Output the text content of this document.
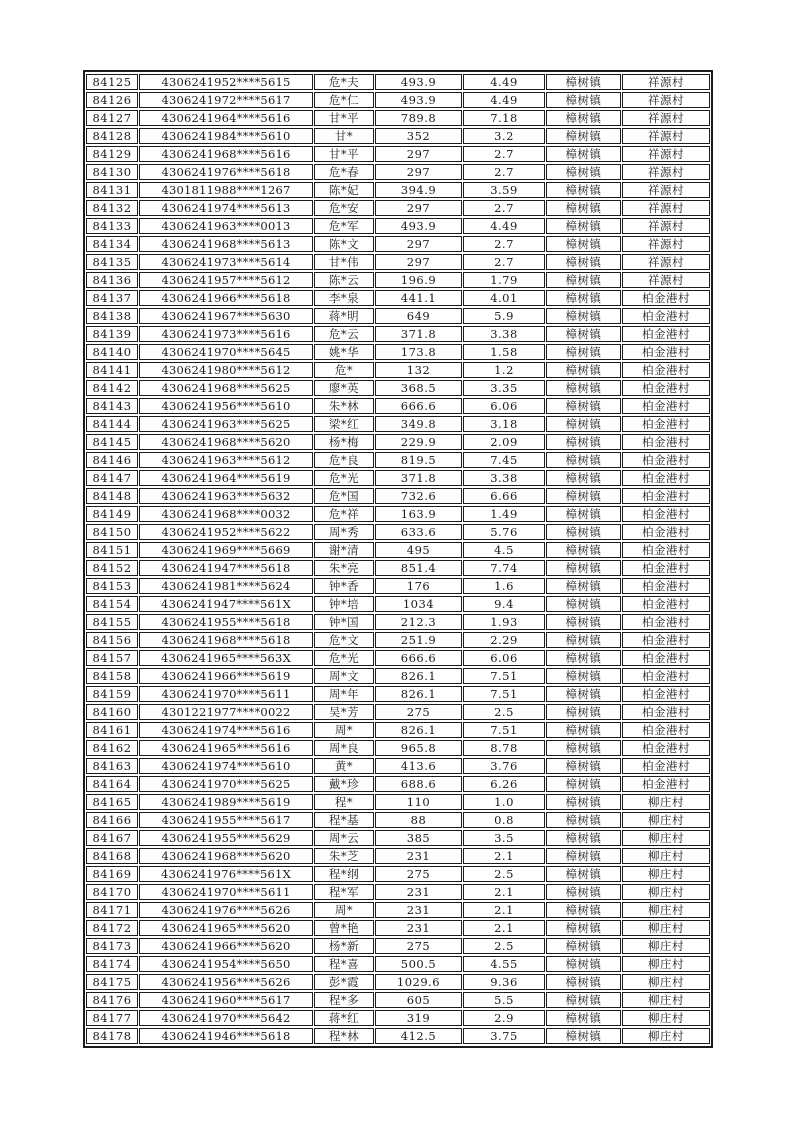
84125	4306241952****5615	危*夫	493.9	4.49	樟树镇	祥源村
84126	4306241972****5617	危*仁	493.9	4.49	樟树镇	祥源村
84127	4306241964****5616	甘*平	789.8	7.18	樟树镇	祥源村
84128	4306241984****5610	甘*	352	3.2	樟树镇	祥源村
84129	4306241968****5616	甘*平	297	2.7	樟树镇	祥源村
84130	4306241976****5618	危*春	297	2.7	樟树镇	祥源村
84131	4301811988****1267	陈*妃	394.9	3.59	樟树镇	祥源村
84132	4306241974****5613	危*安	297	2.7	樟树镇	祥源村
84133	4306241963****0013	危*军	493.9	4.49	樟树镇	祥源村
84134	4306241968****5613	陈*文	297	2.7	樟树镇	祥源村
84135	4306241973****5614	甘*伟	297	2.7	樟树镇	祥源村
84136	4306241957****5612	陈*云	196.9	1.79	樟树镇	祥源村
84137	4306241966****5618	李*泉	441.1	4.01	樟树镇	柏金港村
84138	4306241967****5630	蒋*明	649	5.9	樟树镇	柏金港村
84139	4306241973****5616	危*云	371.8	3.38	樟树镇	柏金港村
84140	4306241970****5645	姚*华	173.8	1.58	樟树镇	柏金港村
84141	4306241980****5612	危*	132	1.2	樟树镇	柏金港村
84142	4306241968****5625	廖*英	368.5	3.35	樟树镇	柏金港村
84143	4306241956****5610	朱*林	666.6	6.06	樟树镇	柏金港村
84144	4306241963****5625	梁*红	349.8	3.18	樟树镇	柏金港村
84145	4306241968****5620	杨*梅	229.9	2.09	樟树镇	柏金港村
84146	4306241963****5612	危*良	819.5	7.45	樟树镇	柏金港村
84147	4306241964****5619	危*光	371.8	3.38	樟树镇	柏金港村
84148	4306241963****5632	危*国	732.6	6.66	樟树镇	柏金港村
84149	4306241968****0032	危*祥	163.9	1.49	樟树镇	柏金港村
84150	4306241952****5622	周*秀	633.6	5.76	樟树镇	柏金港村
84151	4306241969****5669	谢*清	495	4.5	樟树镇	柏金港村
84152	4306241947****5618	朱*亮	851.4	7.74	樟树镇	柏金港村
84153	4306241981****5624	钟*香	176	1.6	樟树镇	柏金港村
84154	4306241947****561X	钟*培	1034	9.4	樟树镇	柏金港村
84155	4306241955****5618	钟*国	212.3	1.93	樟树镇	柏金港村
84156	4306241968****5618	危*文	251.9	2.29	樟树镇	柏金港村
84157	4306241965****563X	危*光	666.6	6.06	樟树镇	柏金港村
84158	4306241966****5619	周*文	826.1	7.51	樟树镇	柏金港村
84159	4306241970****5611	周*年	826.1	7.51	樟树镇	柏金港村
84160	4301221977****0022	吴*芳	275	2.5	樟树镇	柏金港村
84161	4306241974****5616	周*	826.1	7.51	樟树镇	柏金港村
84162	4306241965****5616	周*良	965.8	8.78	樟树镇	柏金港村
84163	4306241974****5610	黄*	413.6	3.76	樟树镇	柏金港村
84164	4306241970****5625	戴*珍	688.6	6.26	樟树镇	柏金港村
84165	4306241989****5619	程*	110	1.0	樟树镇	柳庄村
84166	4306241955****5617	程*基	88	0.8	樟树镇	柳庄村
84167	4306241955****5629	周*云	385	3.5	樟树镇	柳庄村
84168	4306241968****5620	朱*芝	231	2.1	樟树镇	柳庄村
84169	4306241976****561X	程*纲	275	2.5	樟树镇	柳庄村
84170	4306241970****5611	程*军	231	2.1	樟树镇	柳庄村
84171	4306241976****5626	周*	231	2.1	樟树镇	柳庄村
84172	4306241965****5620	曾*艳	231	2.1	樟树镇	柳庄村
84173	4306241966****5620	杨*新	275	2.5	樟树镇	柳庄村
84174	4306241954****5650	程*喜	500.5	4.55	樟树镇	柳庄村
84175	4306241956****5626	彭*霞	1029.6	9.36	樟树镇	柳庄村
84176	4306241960****5617	程*多	605	5.5	樟树镇	柳庄村
84177	4306241970****5642	蒋*红	319	2.9	樟树镇	柳庄村
84178	4306241946****5618	程*林	412.5	3.75	樟树镇	柳庄村
